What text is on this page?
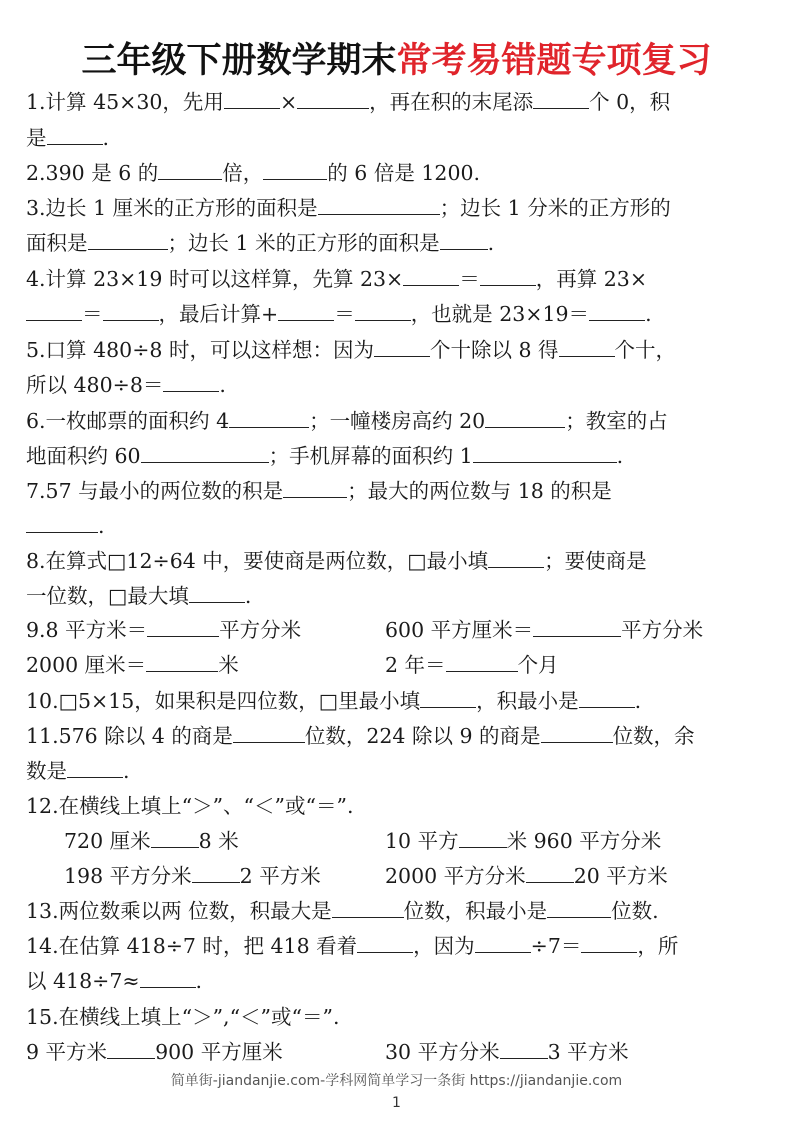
三年级下册数学期末常考易错题专项复习
1.计算 45×30，先用	×	，再在积的末尾添	个 0，积
是	.
2.390 是 6 的	倍，	的 6 倍是 1200.
3.边长 1 厘米的正方形的面积是	；边长 1 分米的正方形的
面积是	；边长 1 米的正方形的面积是 .
4.计算 23×19 时可以这样算，先算 23×	＝	，再算 23×
＝	，最后计算+	＝	，也就是 23×19＝	.
5.口算 480÷8 时，可以这样想：因为	个十除以 8 得	个十，
所以 480÷8＝	.
6.一枚邮票的面积约 4	；一幢楼房高约 20	；教室的占
地面积约 60	；手机屏幕的面积约 1	.
7.57 与最小的两位数的积是	；最大的两位数与 18 的积是
.
8.在算式□12÷64 中，要使商是两位数，□最小填	；要使商是
一位数，□最大填	.
9.8 平方米＝	平方分米	600 平方厘米＝	平方分米
2000 厘米＝	米	2 年＝	个月
10.□5×15，如果积是四位数，□里最小填	，积最小是	.
11.576 除以 4 的商是	位数，224 除以 9 的商是	位数，余
数是	.
12.在横线上填上“＞”、“＜”或“＝”.
720 厘米 8 米	10 平方 米 960 平方分米
198 平方分米 2 平方米	2000 平方分米 20 平方米
13.两位数乘以两 位数，积最大是	位数，积最小是	位数.
14.在估算 418÷7 时，把 418 看着	，因为	÷7＝	，所
以 418÷7≈	.
15.在横线上填上“＞”,“＜”或“＝”.
9 平方米 900 平方厘米	30 平方分米 3 平方米
简单街-jiandanjie.com-学科网简单学习一条街 https://jiandanjie.com
1
